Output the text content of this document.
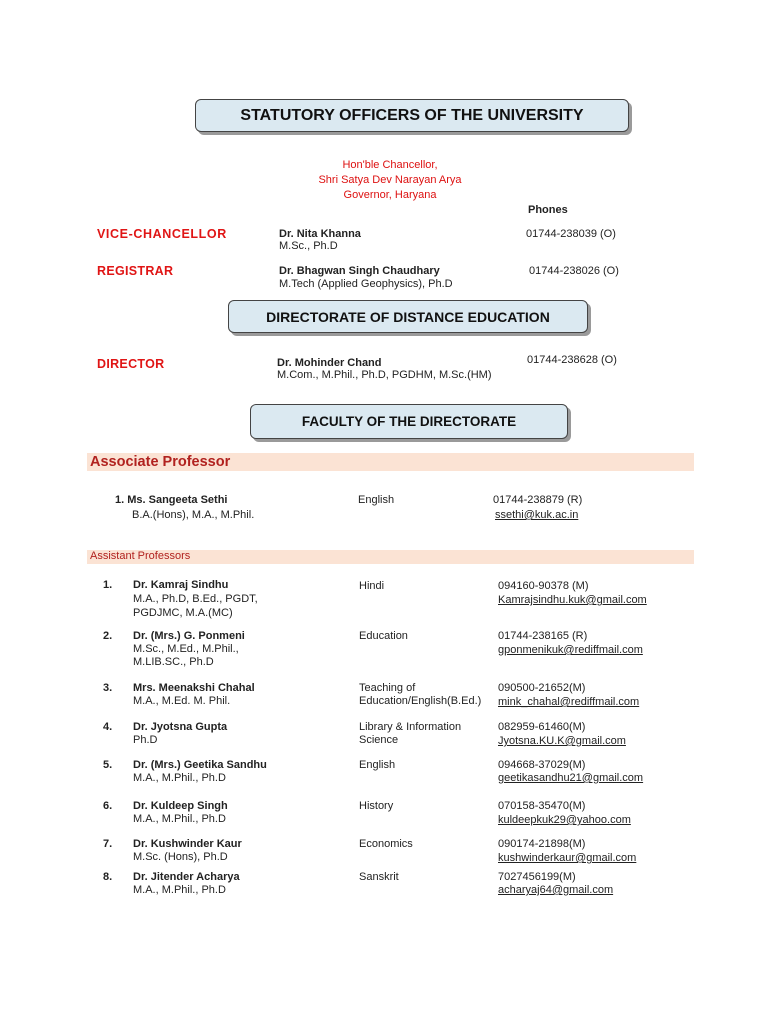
STATUTORY OFFICERS OF THE UNIVERSITY
Hon'ble Chancellor,
Shri Satya Dev Narayan Arya
Governor, Haryana
Phones
VICE-CHANCELLOR	Dr. Nita Khanna
M.Sc., Ph.D
01744-238039 (O)
REGISTRAR	Dr. Bhagwan Singh Chaudhary
M.Tech (Applied Geophysics), Ph.D
01744-238026 (O)
DIRECTORATE OF DISTANCE EDUCATION
DIRECTOR	Dr. Mohinder Chand
M.Com., M.Phil., Ph.D, PGDHM, M.Sc.(HM)
01744-238628 (O)
FACULTY OF THE DIRECTORATE
Associate Professor
1. Ms. Sangeeta Sethi
B.A.(Hons), M.A., M.Phil.
English	01744-238879 (R)
ssethi@kuk.ac.in
Assistant Professors
1. Dr. Kamraj Sindhu
M.A., Ph.D, B.Ed., PGDT,
PGDJMC, M.A.(MC)
Hindi	094160-90378 (M)
Kamrajsindhu.kuk@gmail.com
2. Dr. (Mrs.) G. Ponmeni
M.Sc., M.Ed., M.Phil.,
M.LIB.SC., Ph.D
Education	01744-238165 (R)
gponmenikuk@rediffmail.com
3. Mrs. Meenakshi Chahal
M.A., M.Ed. M. Phil.
Teaching of
Education/English(B.Ed.)
090500-21652(M)
mink_chahal@rediffmail.com
4. Dr. Jyotsna Gupta
Ph.D
Library & Information
Science
082959-61460(M)
Jyotsna.KU.K@gmail.com
5. Dr. (Mrs.) Geetika Sandhu
M.A., M.Phil., Ph.D
English	094668-37029(M)
geetikasandhu21@gmail.com
6. Dr. Kuldeep Singh
M.A., M.Phil., Ph.D
History	070158-35470(M)
kuldeepkuk29@yahoo.com
7. Dr. Kushwinder Kaur
M.Sc. (Hons), Ph.D
Economics	090174-21898(M)
kushwinderkaur@gmail.com
8. Dr. Jitender Acharya
M.A., M.Phil., Ph.D
Sanskrit	7027456199(M)
acharyaj64@gmail.com
